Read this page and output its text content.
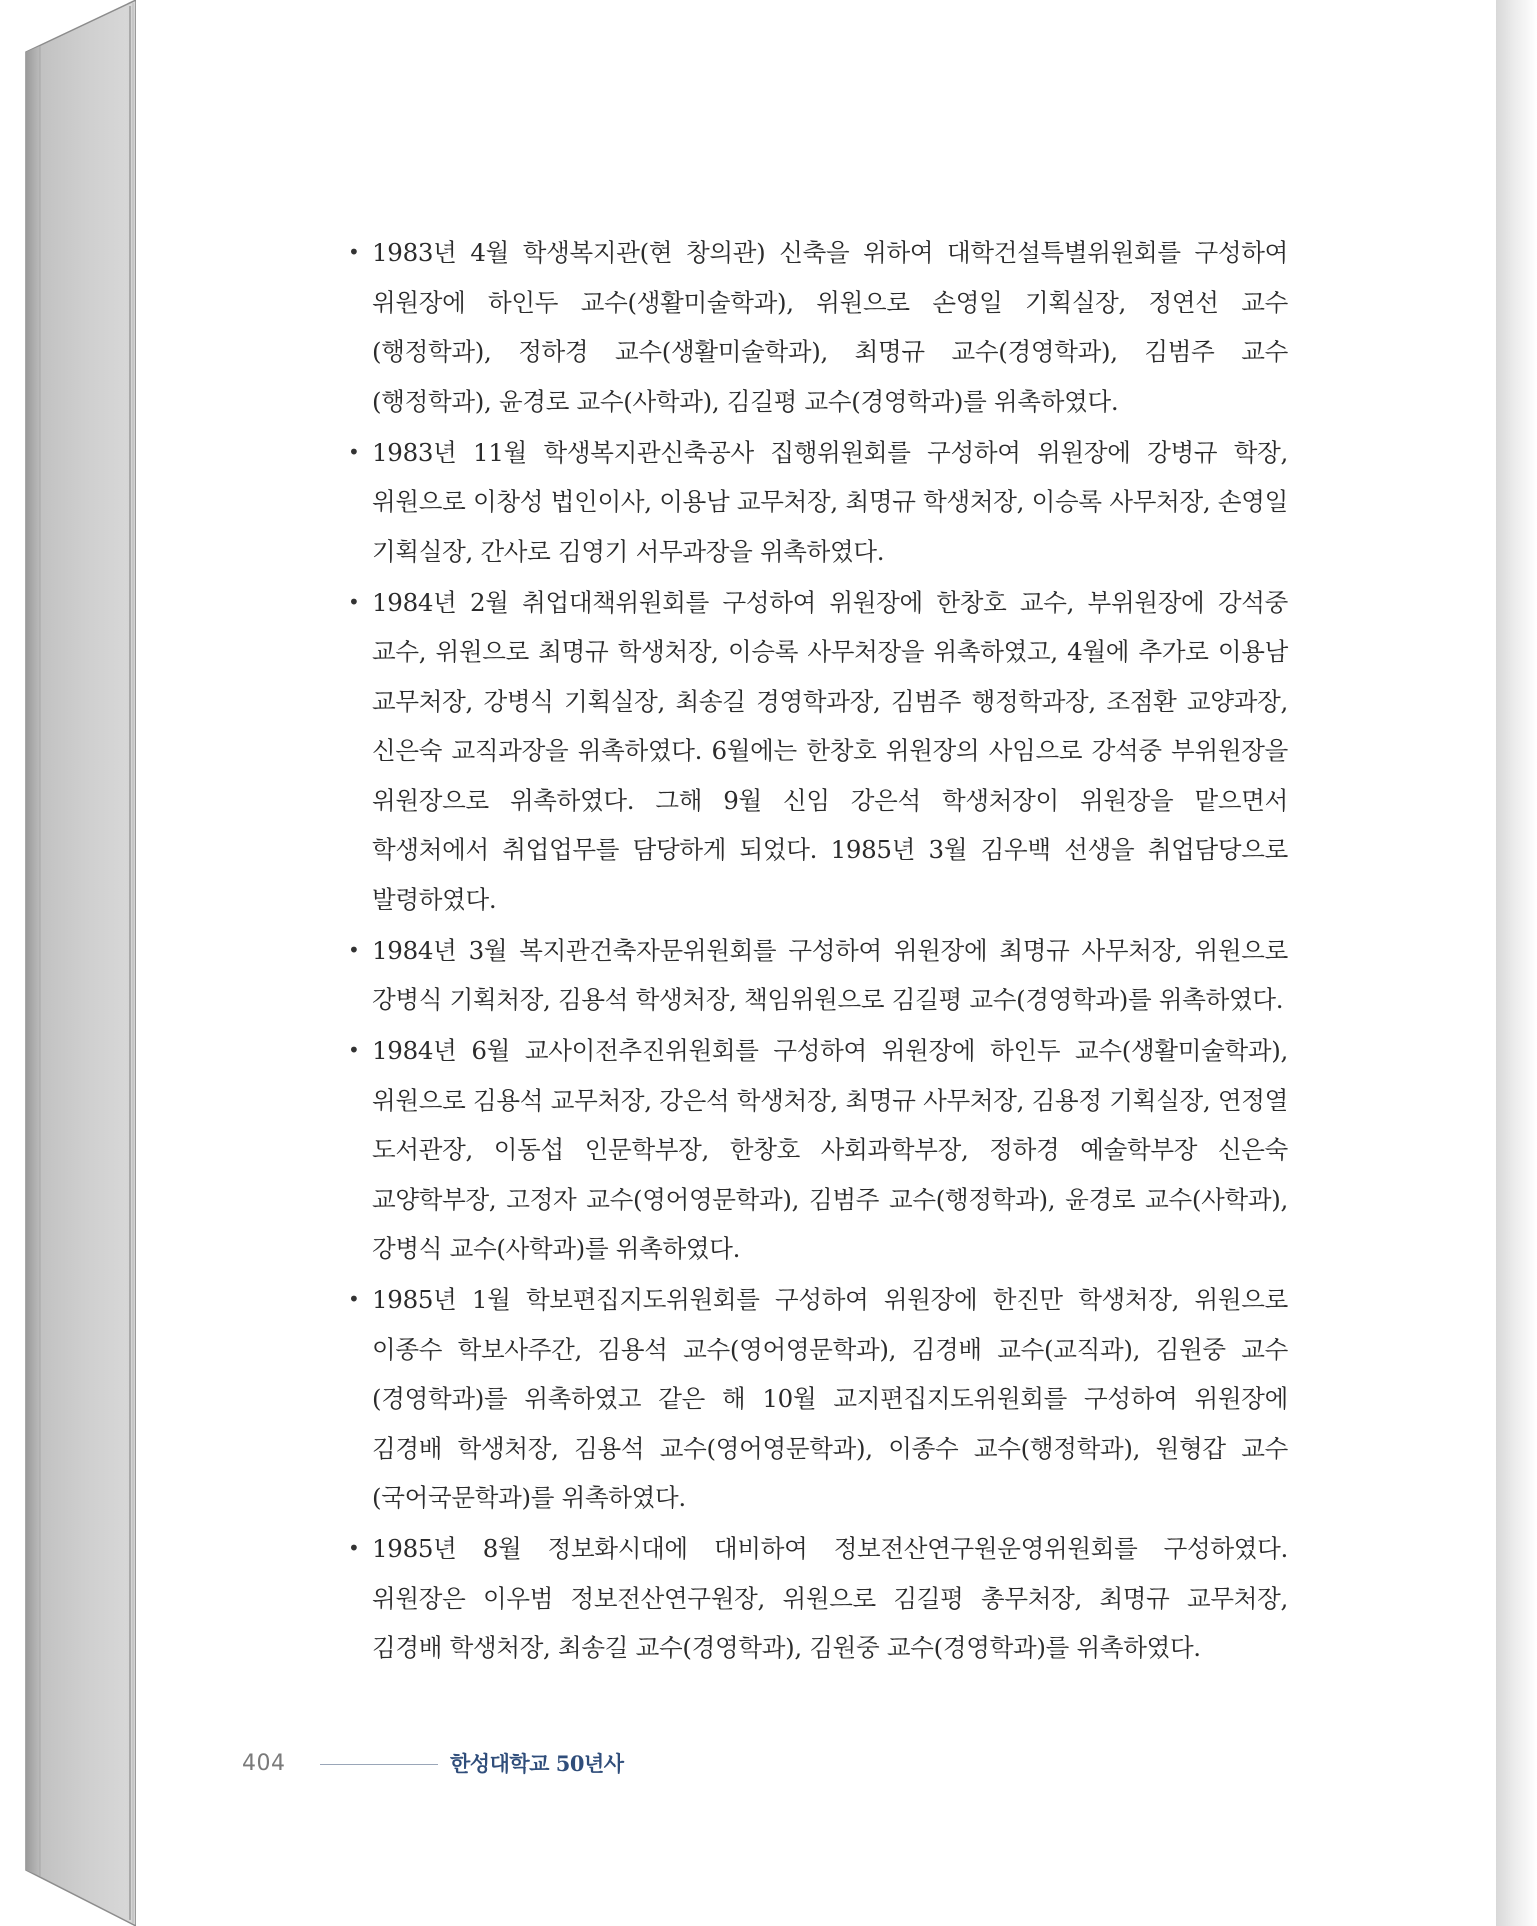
• 1983년 4월 학생복지관(현 창의관) 신축을 위하여 대학건설특별위원회를 구성하여 위원장에 하인두 교수(생활미술학과), 위원으로 손영일 기획실장, 정연선 교수(행정학과), 정하경 교수(생활미술학과), 최명규 교수(경영학과), 김범주 교수(행정학과), 윤경로 교수(사학과), 김길평 교수(경영학과)를 위촉하였다.

• 1983년 11월 학생복지관신축공사 집행위원회를 구성하여 위원장에 강병규 학장, 위원으로 이창성 법인이사, 이용남 교무처장, 최명규 학생처장, 이승록 사무처장, 손영일 기획실장, 간사로 김영기 서무과장을 위촉하였다.

• 1984년 2월 취업대책위원회를 구성하여 위원장에 한창호 교수, 부위원장에 강석중 교수, 위원으로 최명규 학생처장, 이승록 사무처장을 위촉하였고, 4월에 추가로 이용남 교무처장, 강병식 기획실장, 최송길 경영학과장, 김범주 행정학과장, 조점환 교양과장, 신은숙 교직과장을 위촉하였다. 6월에는 한창호 위원장의 사임으로 강석중 부위원장을 위원장으로 위촉하였다. 그해 9월 신임 강은석 학생처장이 위원장을 맡으면서 학생처에서 취업업무를 담당하게 되었다. 1985년 3월 김우백 선생을 취업담당으로 발령하였다.

• 1984년 3월 복지관건축자문위원회를 구성하여 위원장에 최명규 사무처장, 위원으로 강병식 기획처장, 김용석 학생처장, 책임위원으로 김길평 교수(경영학과)를 위촉하였다.

• 1984년 6월 교사이전추진위원회를 구성하여 위원장에 하인두 교수(생활미술학과), 위원으로 김용석 교무처장, 강은석 학생처장, 최명규 사무처장, 김용정 기획실장, 연정열 도서관장, 이동섭 인문학부장, 한창호 사회과학부장, 정하경 예술학부장 신은숙 교양학부장, 고정자 교수(영어영문학과), 김범주 교수(행정학과), 윤경로 교수(사학과), 강병식 교수(사학과)를 위촉하였다.

• 1985년 1월 학보편집지도위원회를 구성하여 위원장에 한진만 학생처장, 위원으로 이종수 학보사주간, 김용석 교수(영어영문학과), 김경배 교수(교직과), 김원중 교수(경영학과)를 위촉하였고 같은 해 10월 교지편집지도위원회를 구성하여 위원장에 김경배 학생처장, 김용석 교수(영어영문학과), 이종수 교수(행정학과), 원형갑 교수(국어국문학과)를 위촉하였다.

• 1985년 8월 정보화시대에 대비하여 정보전산연구원운영위원회를 구성하였다. 위원장은 이우범 정보전산연구원장, 위원으로 김길평 총무처장, 최명규 교무처장, 김경배 학생처장, 최송길 교수(경영학과), 김원중 교수(경영학과)를 위촉하였다.

404	한성대학교 50년사
